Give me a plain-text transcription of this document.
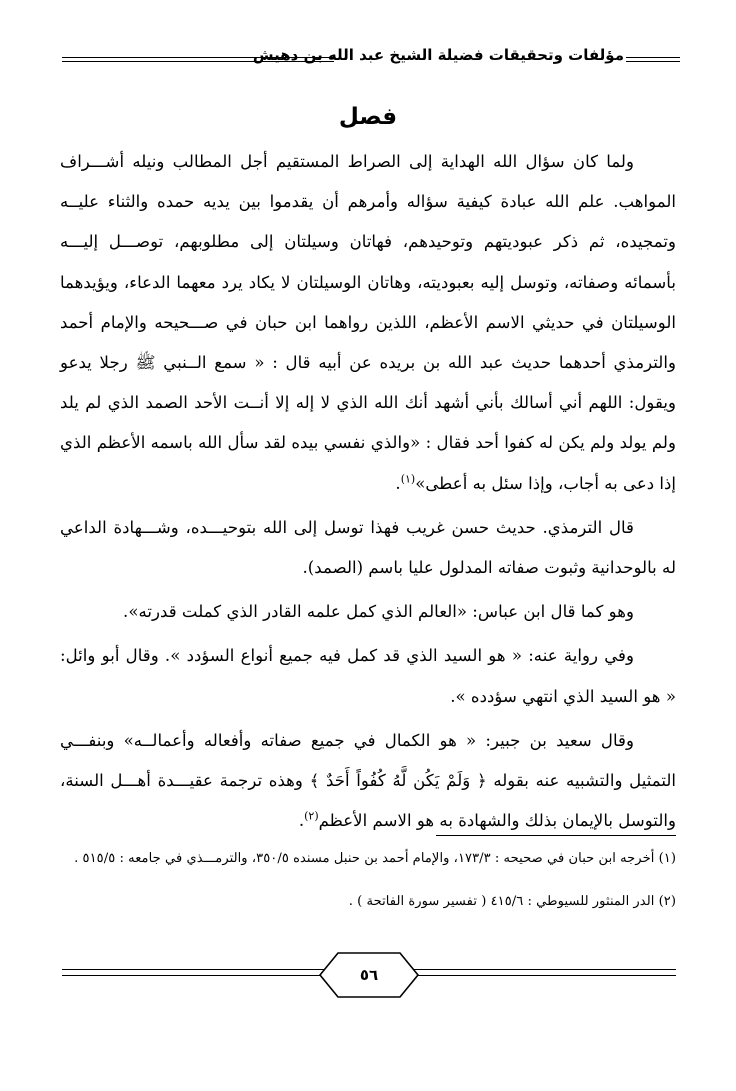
مؤلفات وتحقيقات فضيلة الشيخ عبد الله بن دهيش
فصل

ولما كان سؤال الله الهداية إلى الصراط المستقيم أجل المطالب ونيله أشـــراف المواهب. علم الله عبادة كيفية سؤاله وأمرهم أن يقدموا بين يديه حمده والثناء عليــه وتمجيده، ثم ذكر عبوديتهم وتوحيدهم، فهاتان وسيلتان إلى مطلوبهم، توصـــل إليـــه بأسمائه وصفاته، وتوسل إليه بعبوديته، وهاتان الوسيلتان لا يكاد يرد معهما الدعاء، ويؤيدهما الوسيلتان في حديثي الاسم الأعظم، اللذين رواهما ابن حبان في صـــحيحه والإمام أحمد والترمذي أحدهما حديث عبد الله بن بريده عن أبيه قال : « سمع الــنبي ﷺ رجلا يدعو ويقول: اللهم أني أسالك بأني أشهد أنك الله الذي لا إله إلا أنــت الأحد الصمد الذي لم يلد ولم يولد ولم يكن له كفوا أحد فقال : «والذي نفسي بيده لقد سأل الله باسمه الأعظم الذي إذا دعى به أجاب، وإذا سئل به أعطى»$^{(١)}$.

قال الترمذي. حديث حسن غريب فهذا توسل إلى الله بتوحيـــده، وشـــهادة الداعي له بالوحدانية وثبوت صفاته المدلول عليا باسم (الصمد).

وهو كما قال ابن عباس: «العالم الذي كمل علمه القادر الذي كملت قدرته».

وفي رواية عنه: « هو السيد الذي قد كمل فيه جميع أنواع السؤدد ». وقال أبو وائل: « هو السيد الذي انتهي سؤدده ».

وقال سعيد بن جبير: « هو الكمال في جميع صفاته وأفعاله وأعمالــه» وبنفـــي التمثيل والتشبيه عنه بقوله ﴿ وَلَمْ يَكُن لَّهُ كُفُواً أَحَدٌ ﴾ وهذه ترجمة عقيـــدة أهـــل السنة، والتوسل بالإيمان بذلك والشهادة به هو الاسم الأعظم$^{(٢)}$.

(١) أخرجه ابن حبان في صحيحه : ١٧٣/٣، والإمام أحمد بن حنبل مسنده ٣٥٠/٥، والترمـــذي في جامعه : ٥١٥/٥ .

(٢) الدر المنثور للسيوطي : ٤١٥/٦ ( تفسير سورة الفاتحة ) .

٥٦
